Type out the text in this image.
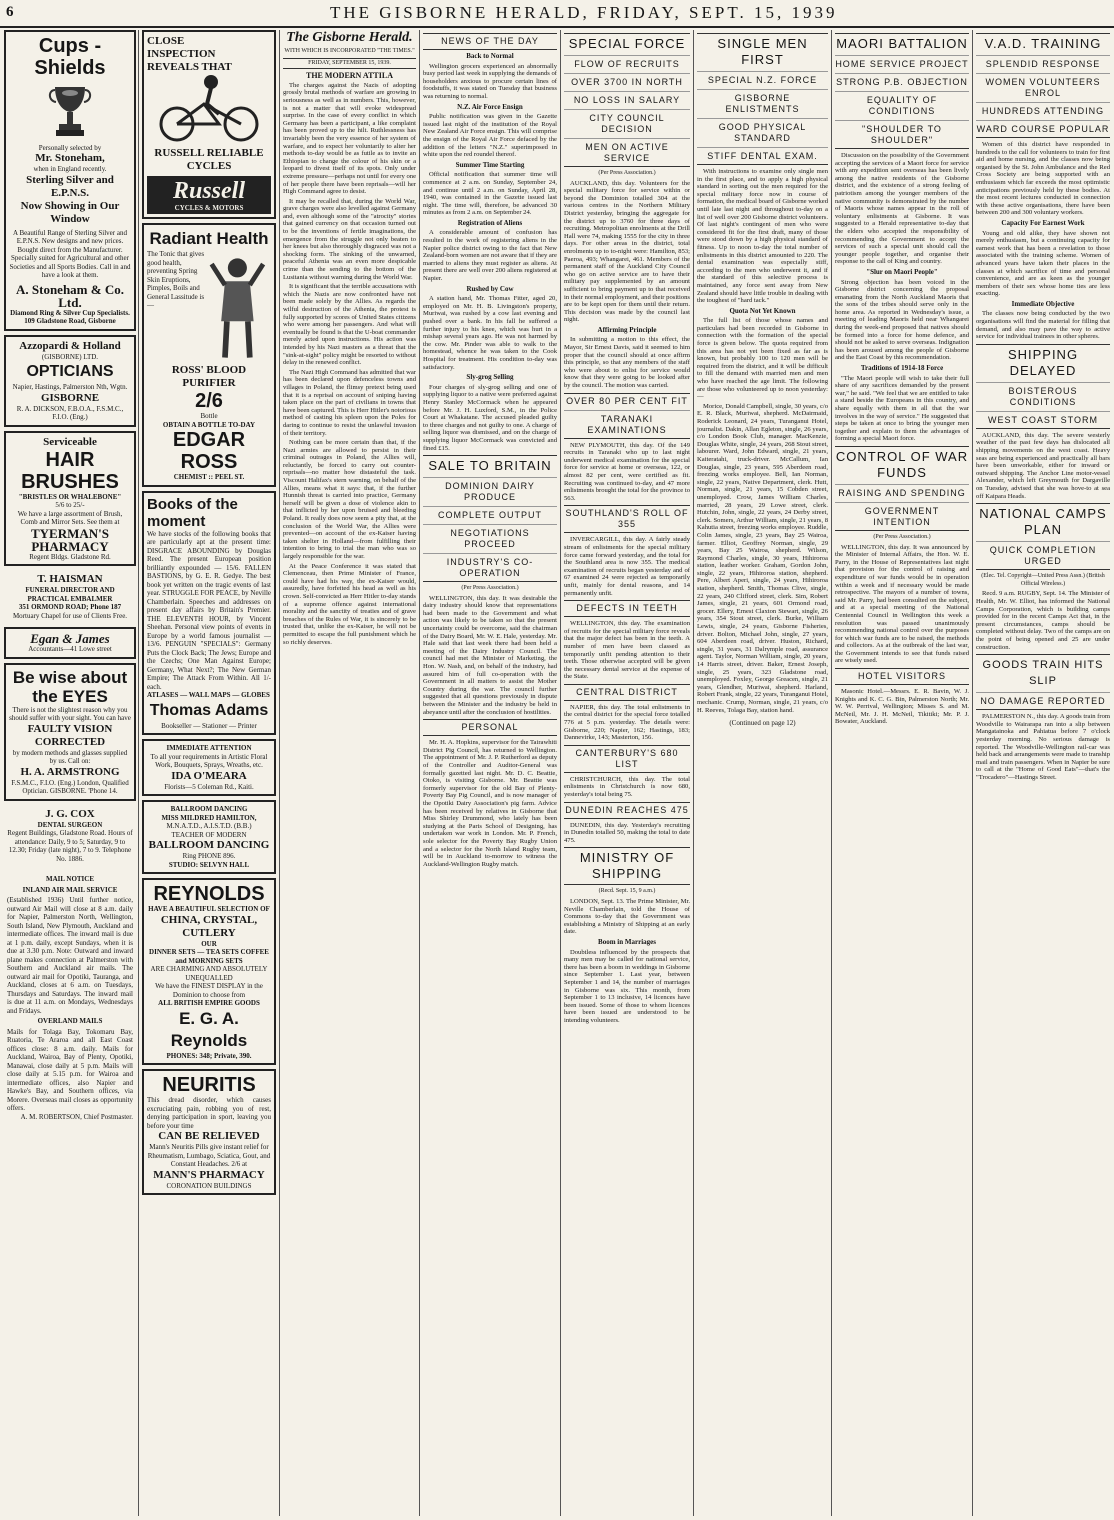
6	THE GISBORNE HERALD, FRIDAY, SEPT. 15, 1939
Cups - Shields
Personally selected by
Mr. Stoneham,
when in England recently.
Sterling Silver and
E.P.N.S.
Now Showing in Our Window
A Beautiful Range of Sterling Silver and E.P.N.S. New designs and new prices. Bought direct from the Manufacturer. Specially suited for Agricultural and other Societies and all Sports Bodies. Call in and have a look at them.
A. Stoneham & Co. Ltd.
Diamond Ring & Silver Cup Specialists.
109 Gladstone Road, Gisborne
Azzopardi & Holland
(GISBORNE) LTD.
OPTICIANS
Napier, Hastings, Palmerston Nth, Wgtn.
GISBORNE
R. A. DICKSON, F.B.O.A., F.S.M.C., F.I.O. (Eng.)
Serviceable
HAIR BRUSHES
"BRISTLES OR WHALEBONE"
5/6 to 25/-
We have a large assortment of Brush, Comb and Mirror Sets. See them at
TYERMAN'S PHARMACY
Regent Bldgs. Gladstone Rd.
T. HAISMAN
FUNERAL DIRECTOR AND PRACTICAL EMBALMER
351 ORMOND ROAD; Phone 187
Mortuary Chapel for use of Clients Free.
Egan & James
Accountants—41 Lowe street
Be wise about the EYES
There is not the slightest reason why you should suffer with your sight. You can have
FAULTY VISION CORRECTED
by modern methods and glasses supplied by us. Call on:
H. A. ARMSTRONG
F.S.M.C., F.I.O. (Eng.) London, Qualified Optician. GISBORNE. 'Phone 14.
J. G. COX
DENTAL SURGEON
Regent Buildings, Gladstone Road. Hours of attendance: Daily, 9 to 5; Saturday, 9 to 12.30; Friday (late night), 7 to 9. Telephone No. 1886.
MAIL NOTICE
INLAND AIR MAIL SERVICE
(Established 1936) Until further notice, outward Air Mail will close at 8 a.m. daily for Napier, Palmerston North, Wellington, South Island, New Plymouth, Auckland and intermediate offices. The inward mail is due at 1 p.m. daily, except Sundays, when it is due at 3.30 p.m. Note: Outward and inward plane makes connection at Palmerston with Southern and Auckland air mails. The outward air mail for Opotiki, Tauranga, and Auckland, closes at 6 a.m. on Tuesdays, Thursdays and Saturdays. The inward mail is due at 11 a.m. on Mondays, Wednesdays and Fridays.
OVERLAND MAILS
Mails for Tolaga Bay, Tokomaru Bay, Ruatoria, Te Araroa and all East Coast offices close: 8 a.m. daily. Mails for Auckland, Wairoa, Bay of Plenty, Opotiki, Manawai, close daily at 5 p.m. Mails will close daily at 5.15 p.m. for Wairoa and intermediate offices, also Napier and Hawke's Bay, and Southern offices, via Morere. Overseas mail closes as opportunity offers.
A. M. ROBERTSON, Chief Postmaster.
CLOSE
INSPECTION
REVEALS THAT
RUSSELL RELIABLE CYCLES
Russell
CYCLES & MOTORS
Radiant Health
The Tonic that gives good health, preventing Spring Skin Eruptions, Pimples, Boils and General Lassitude is—
ROSS' BLOOD PURIFIER
2/6
Bottle
OBTAIN A BOTTLE TO-DAY
EDGAR ROSS
CHEMIST :: PEEL ST.
Books of the moment
We have stocks of the following books that are particularly apt at the present time: DISGRACE ABOUNDING by Douglas Reed. The present European position brilliantly expounded — 15/6. FALLEN BASTIONS, by G. E. R. Gedye. The best book yet written on the tragic events of last year. STRUGGLE FOR PEACE, by Neville Chamberlain. Speeches and addresses on present day affairs by Britain's Premier. THE ELEVENTH HOUR, by Vincent Sheehan. Personal view points of events in Europe by a world famous journalist — 13/6. PENGUIN "SPECIALS": Germany Puts the Clock Back; The Jews; Europe and the Czechs; One Man Against Europe; Germany, What Next?; The New German Empire; The Attack From Within. All 1/- each.
ATLASES — WALL MAPS — GLOBES
Thomas Adams
Bookseller — Stationer — Printer
IMMEDIATE ATTENTION
To all your requirements in Artistic Floral Work, Bouquets, Sprays, Wreaths, etc.
IDA O'MEARA
Florists—5 Coleman Rd., Kaiti.
BALLROOM DANCING
MISS MILDRED HAMILTON,
M.N.A.T.D., A.I.S.T.D. (B.B.)
TEACHER OF MODERN
BALLROOM DANCING
Ring PHONE 896.
STUDIO: SELVYN HALL
REYNOLDS
HAVE A BEAUTIFUL SELECTION OF
CHINA, CRYSTAL, CUTLERY
OUR
DINNER SETS — TEA SETS COFFEE and MORNING SETS
ARE CHARMING AND ABSOLUTELY UNEQUALLED
We have the FINEST DISPLAY in the Dominion to choose from
ALL BRITISH EMPIRE GOODS
E. G. A. Reynolds
PHONES: 348; Private, 390.
NEURITIS
This dread disorder, which causes excruciating pain, robbing you of rest, denying participation in sport, leaving you before your time
CAN BE RELIEVED
Mann's Neuritis Pills give instant relief for Rheumatism, Lumbago, Sciatica, Gout, and Constant Headaches. 2/6 at
MANN'S PHARMACY
CORONATION BUILDINGS
The Gisborne Herald.
WITH WHICH IS INCORPORATED "THE TIMES."
FRIDAY, SEPTEMBER 15, 1939.
THE MODERN ATTILA

The charges against the Nazis of adopting grossly brutal methods of warfare are growing in seriousness as well as in numbers. This, however, is not a matter that will evoke widespread surprise. In the case of every conflict in which Germany has been a participant, a like complaint has been proved up to the hilt. Ruthlessness has invariably been the very essence of her system of warfare, and to expect her voluntarily to alter her methods to-day would be as futile as to invite an Ethiopian to change the colour of his skin or a leopard to divest itself of its spots. Only under extreme pressure—perhaps not until for every one of her people there have been reprisals—will her High Command agree to desist.

It may be recalled that, during the World War, grave charges were also levelled against Germany and, even although some of the "atrocity" stories that gained currency on that occasion turned out to be the inventions of fertile imaginations, the emergence from the struggle not only beaten to her knees but also thoroughly disgraced was not a shocking form. The sinking of the unwarned, peaceful Athenia was an even more despicable crime than the sending to the bottom of the Lusitania without warning during the World War.

It is significant that the terrible accusations with which the Nazis are now confronted have not been made solely by the Allies. As regards the wilful destruction of the Athenia, the protest is fully supported by scores of United States citizens who were among her passengers. And what will eventually be found is that the U-boat commander merely acted upon instructions. His action was intended by his Nazi masters as a threat that the "sink-at-sight" policy might be resorted to without delay in the renewed conflict.

The Nazi High Command has admitted that war has been declared upon defenceless towns and villages in Poland, the flimsy pretext being used that it is a reprisal on account of sniping having taken place on the part of civilians in towns that have been captured. This is Herr Hitler's notorious method of casting his spleen upon the Poles for daring to continue to resist the unlawful invasion of their territory.

Nothing can be more certain than that, if the Nazi armies are allowed to persist in their criminal outrages in Poland, the Allies will, reluctantly, be forced to carry out counter-reprisals—no matter how distasteful the task. Viscount Halifax's stern warning, on behalf of the Allies, means what it says: that, if the further Hunnish threat is carried into practice, Germany herself will be given a dose of violence akin to that inflicted by her upon bruised and bleeding Poland. It really does now seem a pity that, at the conclusion of the World War, the Allies were prevented—on account of the ex-Kaiser having taken shelter in Holland—from fulfilling their intention to bring to trial the man who was so largely responsible for the war.

At the Peace Conference it was stated that Clemenceau, then Prime Minister of France, could have had his way, the ex-Kaiser would, assuredly, have forfeited his head as well as his crown. Self-convicted as Herr Hitler to-day stands of a supreme offence against international morality and the sanctity of treaties and of grave breaches of the Rules of War, it is sincerely to be trusted that, unlike the ex-Kaiser, he will not be permitted to escape the full punishment which he so richly deserves.

NEWS OF THE DAY
Back to Normal

Wellington grocers experienced an abnormally busy period last week in supplying the demands of householders anxious to procure certain lines of foodstuffs, it was stated on Tuesday that business was returning to normal.

N.Z. Air Force Ensign

Public notification was given in the Gazette issued last night of the institution of the Royal New Zealand Air Force ensign. This will comprise the ensign of the Royal Air Force defaced by the addition of the letters "N.Z." superimposed in white upon the red roundel thereof.

Summer Time Starting

Official notification that summer time will commence at 2 a.m. on Sunday, September 24, and continue until 2 a.m. on Sunday, April 28, 1940, was contained in the Gazette issued last night. The time will, therefore, be advanced 30 minutes as from 2 a.m. on September 24.

Registration of Aliens

A considerable amount of confusion has resulted in the work of registering aliens in the Napier police district owing to the fact that New Zealand-born women are not aware that if they are married to aliens they must register as aliens. At present there are well over 200 aliens registered at Napier.

Rushed by Cow

A station hand, Mr. Thomas Fitter, aged 20, employed on Mr. H. B. Livingston's property, Muriwai, was rushed by a cow last evening and pushed over a bank. In his fall he suffered a further injury to his knee, which was hurt in a mishap several years ago. He was not harmed by the cow. Mr. Pinder was able to walk to the homestead, whence he was taken to the Cook Hospital for treatment. His condition to-day was satisfactory.

Sly-grog Selling

Four charges of sly-grog selling and one of supplying liquor to a native were preferred against Henry Stanley McCormack when he appeared before Mr. J. H. Luxford, S.M., in the Police Court at Whakatane. The accused pleaded guilty to three charges and not guilty to one. A charge of selling liquor was dismissed, and on the charge of supplying liquor McCormack was convicted and fined £15.

SALE TO BRITAIN
DOMINION DAIRY PRODUCE
COMPLETE OUTPUT
NEGOTIATIONS PROCEED
INDUSTRY'S CO-OPERATION
(Per Press Association.)

WELLINGTON, this day. It was desirable the dairy industry should know that representations had been made to the Government and what action was likely to be taken so that the present uncertainty could be overcome, said the chairman of the Dairy Board, Mr. W. E. Hale, yesterday. Mr. Hale said that last week there had been held a meeting of the Dairy Industry Council. The council had met the Minister of Marketing, the Hon. W. Nash, and, on behalf of the industry, had assured him of full co-operation with the Government in all matters to assist the Mother Country during the war. The council further suggested that all questions previously in dispute between the Minister and the industry be held in abeyance until after the conclusion of hostilities.

PERSONAL

Mr. H. A. Hopkins, supervisor for the Tairawhiti District Pig Council, has returned to Wellington. The appointment of Mr. J. P. Rutherford as deputy of the Controller and Auditor-General was formally gazetted last night. Mr. D. C. Beattie, Otoko, is visiting Gisborne. Mr. Beattie was formerly supervisor for the old Bay of Plenty-Poverty Bay Pig Council, and is now manager of the Opotiki Dairy Association's pig farm. Advice has been received by relatives in Gisborne that Miss Shirley Drummond, who lately has been studying at the Paris School of Designing, has undertaken war work in London. Mr. P. French, sole selector for the Poverty Bay Rugby Union and a selector for the North Island Rugby team, will be in Auckland to-morrow to witness the Auckland-Wellington Rugby match.

SPECIAL FORCE
FLOW OF RECRUITS
OVER 3700 IN NORTH
NO LOSS IN SALARY
CITY COUNCIL DECISION
MEN ON ACTIVE SERVICE
(Per Press Association.)

AUCKLAND, this day. Volunteers for the special military force for service within or beyond the Dominion totalled 304 at the various centres in the Northern Military District yesterday, bringing the aggregate for the district up to 3760 for three days of recruiting. Metropolitan enrolments at the Drill Hall were 74, making 1555 for the city in three days. For other areas in the district, total enrolments up to to-night were: Hamilton, 853; Paeroa, 493; Whangarei, 461. Members of the permanent staff of the Auckland City Council who go on active service are to have their military pay supplemented by an amount sufficient to bring payment up to that received in their normal employment, and their positions are to be kept open for them until their return. This decision was made by the council last night.

Affirming Principle

In submitting a motion to this effect, the Mayor, Sir Ernest Davis, said it seemed to him proper that the council should at once affirm this principle, so that any members of the staff who were about to enlist for service would know that they were going to be looked after by the council. The motion was carried.

OVER 80 PER CENT FIT
TARANAKI EXAMINATIONS

NEW PLYMOUTH, this day. Of the 149 recruits in Taranaki who up to last night underwent medical examination for the special force for service at home or overseas, 122, or almost 82 per cent, were certified as fit. Recruiting was continued to-day, and 47 more enlistments brought the total for the province to 563.

SOUTHLAND'S ROLL OF 355

INVERCARGILL, this day. A fairly steady stream of enlistments for the special military force came forward yesterday, and the total for the Southland area is now 355. The medical examination of recruits began yesterday and of 67 examined 24 were rejected as temporarily unfit, mainly for dental reasons, and 14 permanently unfit.

DEFECTS IN TEETH

WELLINGTON, this day. The examination of recruits for the special military force reveals that the major defect has been in the teeth. A number of men have been classed as temporarily unfit pending attention to their teeth. Those otherwise accepted will be given the necessary dental service at the expense of the State.

CENTRAL DISTRICT

NAPIER, this day. The total enlistments in the central district for the special force totalled 776 at 5 p.m. yesterday. The details were: Gisborne, 220; Napier, 162; Hastings, 183; Dannevirke, 143; Masterton, 156.

CANTERBURY'S 680 LIST

CHRISTCHURCH, this day. The total enlistments in Christchurch is now 680, yesterday's total being 75.

DUNEDIN REACHES 475

DUNEDIN, this day. Yesterday's recruiting in Dunedin totalled 50, making the total to date 475.

MINISTRY OF SHIPPING
(Recd. Sept. 15, 9 a.m.)

LONDON, Sept. 13. The Prime Minister, Mr. Neville Chamberlain, told the House of Commons to-day that the Government was establishing a Ministry of Shipping at an early date.

Boom in Marriages

Doubtless influenced by the prospects that many men may be called for national service, there has been a boom in weddings in Gisborne since September 1. Last year, between September 1 and 14, the number of marriages in Gisborne was six. This month, from September 1 to 13 inclusive, 14 licences have been issued. Some of those to whom licences have been issued are understood to be intending volunteers.

SINGLE MEN FIRST
SPECIAL N.Z. FORCE
GISBORNE ENLISTMENTS
GOOD PHYSICAL STANDARD
STIFF DENTAL EXAM.

With instructions to examine only single men in the first place, and to apply a high physical standard in sorting out the men required for the special military force now in course of formation, the medical board of Gisborne worked until late last night and throughout to-day on a list of well over 200 Gisborne district volunteers. Of last night's contingent of men who were considered fit for the first draft, many of those were stood down by a high physical standard of fitness. Up to noon to-day the total number of enlistments in this district amounted to 220. The dental examination was especially stiff, according to the men who underwent it, and if the standard of this selective process is maintained, any force sent away from New Zealand should have little trouble in dealing with the toughest of "hard tack."

Quota Not Yet Known

The full list of those whose names and particulars had been recorded in Gisborne in connection with the formation of the special force is given below. The quota required from this area has not yet been fixed as far as is known, but probably 100 to 120 men will be required from the district, and it will be difficult to fill the demand with married men and men who have reached the age limit. The following are those who volunteered up to noon yesterday:—

Morice, Donald Campbell, single, 30 years, c/o E. R. Black, Muriwai, shepherd. McDairmaid, Roderick Leonard, 24 years, Turanganui Hotel, journalist. Dakin, Allan Egleton, single, 26 years, c/o London Book Club, manager. MacKenzie, Douglas White, single, 24 years, 268 Stout street, labourer. Ward, John Edward, single, 21 years, Kaiteratahi, truck-driver. McCallum, Ian Douglas, single, 23 years, 595 Aberdeen road, freezing works employee. Bell, Ian Norman, single, 22 years, Native Department, clerk. Hutt, Norman, single, 21 years, 15 Cobden street, unemployed. Crow, James William Charles, married, 28 years, 29 Lowe street, clerk. Hutchin, John, single, 22 years, 24 Derby street, clerk. Somers, Arthur William, single, 21 years, 8 Kahutia street, freezing works employee. Ruddle, Colin James, single, 23 years, Bay 25 Wairoa, farmer. Elliot, Geoffrey Norman, single, 29 years, Bay 25 Wairoa, shepherd. Wilson, Raymond Charles, single, 30 years, Hihiroroa station, leather worker. Graham, Gordon John, single, 22 years, Hihiroroa station, shepherd. Pere, Albert Aperi, single, 24 years, Hihiroroa station, shepherd. Smith, Thomas Clive, single, 22 years, 240 Clifford street, clerk. Sim, Robert James, single, 21 years, 601 Ormond road, grocer. Ellery, Ernest Claxton Stewart, single, 26 years, 354 Stout street, clerk. Burke, William Lewis, single, 24 years, Gisborne Fisheries, driver. Bolton, Michael John, single, 27 years, 604 Aberdeen road, driver. Huston, Richard, single, 31 years, 31 Dalrymple road, assurance agent. Taylor, Norman William, single, 20 years, 14 Harris street, driver. Baker, Ernest Joseph, single, 25 years, 323 Gladstone road, unemployed. Foxley, George Greacen, single, 21 years, Glendher, Muriwai, shepherd. Harland, Robert Frank, single, 22 years, Turanganui Hotel, mechanic. Crump, Norman, single, 21 years, c/o H. Reeves, Tolaga Bay, station hand.

(Continued on page 12)
MAORI BATTALION
HOME SERVICE PROJECT
STRONG P.B. OBJECTION
EQUALITY OF CONDITIONS
"SHOULDER TO SHOULDER"

Discussion on the possibility of the Government accepting the services of a Maori force for service with any expedition sent overseas has been lively among the native residents of the Gisborne district, and the existence of a strong feeling of patriotism among the younger members of the native community is demonstrated by the number of Maoris whose names appear in the roll of voluntary enlistments at Gisborne. It was suggested to a Herald representative to-day that the elders who accepted the responsibility of recommending the Government to accept the services of such a special unit should call the younger people together, and organise their response to the call of King and country.

"Slur on Maori People"

Strong objection has been voiced in the Gisborne district concerning the proposal emanating from the North Auckland Maoris that the sons of the tribes should serve only in the home area. As reported in Wednesday's issue, a meeting of leading Maoris held near Whangarei during the week-end proposed that natives should be formed into a force for home defence, and should not be asked to serve overseas. Indignation has been aroused among the people of Gisborne and the East Coast by this recommendation.

Traditions of 1914-18 Force

"The Maori people will wish to take their full share of any sacrifices demanded by the present war," he said. "We feel that we are entitled to take a stand beside the Europeans in this country, and share equally with them in all that the war involves in the way of service." He suggested that steps be taken at once to bring the younger men together and explain to them the advantages of forming a special Maori force.

CONTROL OF WAR FUNDS
RAISING AND SPENDING
GOVERNMENT INTENTION
(Per Press Association.)

WELLINGTON, this day. It was announced by the Minister of Internal Affairs, the Hon. W. E. Parry, in the House of Representatives last night that provision for the control of raising and expenditure of war funds would be in operation within a week and if necessary would be made retrospective. The mayors of a number of towns, said Mr. Parry, had been consulted on the subject, and at a special meeting of the National Centennial Council in Wellington this week a resolution was passed unanimously recommending national control over the purposes for which war funds are to be raised, the methods and collectors. As at the outbreak of the last war, the Government intends to see that funds raised are wisely used.

HOTEL VISITORS

Masonic Hotel.—Messrs. E. R. Bavin, W. J. Knights and K. C. G. Bin, Palmerston North; Mr. W. W. Perrival, Wellington; Misses S. and M. McNeil, Mr. J. H. McNeil, Tikitiki; Mr. P. J. Bowater, Auckland.

V.A.D. TRAINING
SPLENDID RESPONSE
WOMEN VOLUNTEERS ENROL
HUNDREDS ATTENDING
WARD COURSE POPULAR

Women of this district have responded in hundreds to the call for volunteers to train for first aid and home nursing, and the classes now being organised by the St. John Ambulance and the Red Cross Society are being supported with an enthusiasm which far exceeds the most optimistic anticipations previously held by these bodies. At the most recent lectures conducted in connection with these active organisations, there have been between 200 and 300 voluntary workers.

Capacity For Earnest Work

Young and old alike, they have shown not merely enthusiasm, but a continuing capacity for earnest work that has been a revelation to those associated with the training scheme. Women of advanced years have taken their places in the classes at which sacrifice of time and personal convenience, and are as keen as the younger members of their sex whose home ties are less exacting.

Immediate Objective

The classes now being conducted by the two organisations will find the material for filling that demand, and also may pave the way to active service for individual trainees in other spheres.

SHIPPING DELAYED
BOISTEROUS CONDITIONS
WEST COAST STORM

AUCKLAND, this day. The severe westerly weather of the past few days has dislocated all shipping movements on the west coast. Heavy seas are being experienced and practically all bars have been unworkable, either for inward or outward shipping. The Anchor Line motor-vessel Alexander, which left Greymouth for Dargaville on Tuesday, advised that she was hove-to at sea off Kaipara Heads.

NATIONAL CAMPS PLAN
QUICK COMPLETION URGED
(Elec. Tel. Copyright—United Press Assn.) (British Official Wireless.)

Recd. 9 a.m. RUGBY, Sept. 14. The Minister of Health, Mr. W. Elliot, has informed the National Camps Corporation, which is building camps provided for in the recent Camps Act that, in the present circumstances, camps should be completed without delay. Two of the camps are on the point of being opened and 25 are under construction.

GOODS TRAIN HITS SLIP
NO DAMAGE REPORTED

PALMERSTON N., this day. A goods train from Woodville to Wairarapa ran into a slip between Mangatainoka and Pahiatua before 7 o'clock yesterday morning. No serious damage is reported. The Woodville-Wellington rail-car was held back and arrangements were made to tranship mail and train passengers. When in Napier be sure to call at the "Home of Good Eats"—that's the "Trocadero"—Hastings Street.
